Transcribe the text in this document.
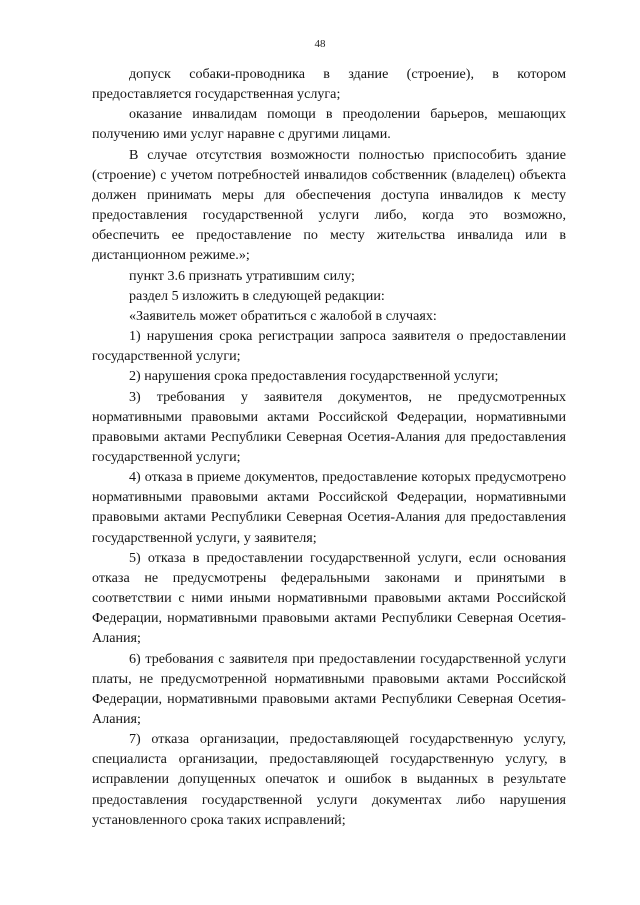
48

допуск собаки-проводника в здание (строение), в котором предоставляется государственная услуга;

оказание инвалидам помощи в преодолении барьеров, мешающих получению ими услуг наравне с другими лицами.

В случае отсутствия возможности полностью приспособить здание (строение) с учетом потребностей инвалидов собственник (владелец) объекта должен принимать меры для обеспечения доступа инвалидов к месту предоставления государственной услуги либо, когда это возможно, обеспечить ее предоставление по месту жительства инвалида или в дистанционном режиме.»;

пункт 3.6 признать утратившим силу;

раздел 5 изложить в следующей редакции:

«Заявитель может обратиться с жалобой в случаях:

1) нарушения срока регистрации запроса заявителя о предоставлении государственной услуги;

2) нарушения срока предоставления государственной услуги;

3) требования у заявителя документов, не предусмотренных нормативными правовыми актами Российской Федерации, нормативными правовыми актами Республики Северная Осетия-Алания для предоставления государственной услуги;

4) отказа в приеме документов, предоставление которых предусмотрено нормативными правовыми актами Российской Федерации, нормативными правовыми актами Республики Северная Осетия-Алания для предоставления государственной услуги, у заявителя;

5) отказа в предоставлении государственной услуги, если основания отказа не предусмотрены федеральными законами и принятыми в соответствии с ними иными нормативными правовыми актами Российской Федерации, нормативными правовыми актами Республики Северная Осетия-Алания;

6) требования с заявителя при предоставлении государственной услуги платы, не предусмотренной нормативными правовыми актами Российской Федерации, нормативными правовыми актами Республики Северная Осетия-Алания;

7) отказа организации, предоставляющей государственную услугу, специалиста организации, предоставляющей государственную услугу, в исправлении допущенных опечаток и ошибок в выданных в результате предоставления государственной услуги документах либо нарушения установленного срока таких исправлений;
